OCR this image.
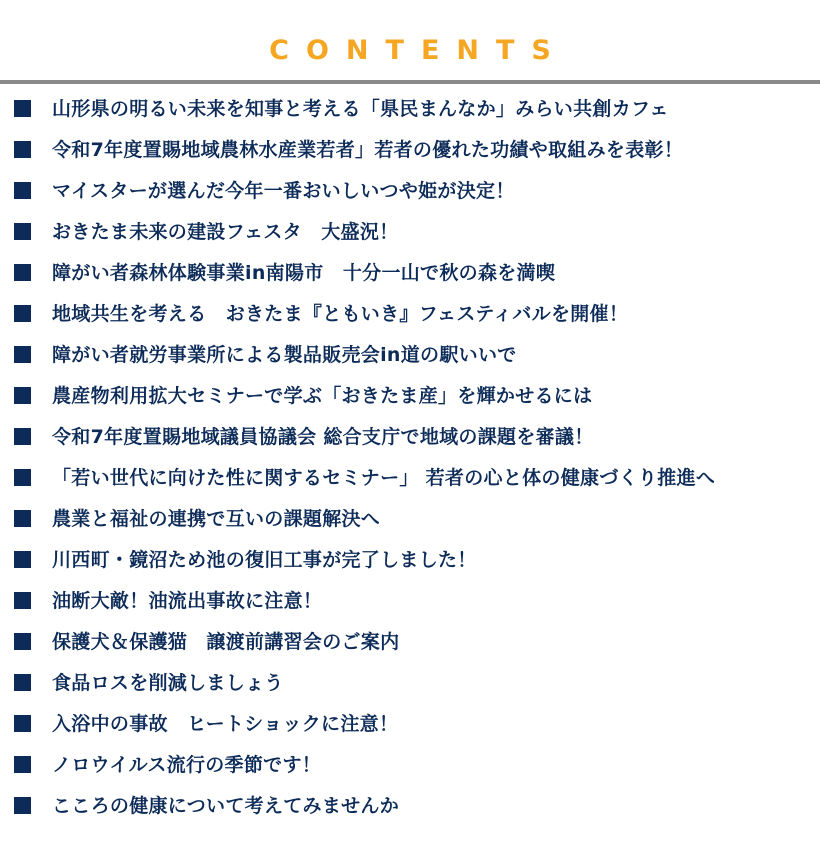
CONTENTS
山形県の明るい未来を知事と考える「県民まんなか」みらい共創カフェ
令和7年度置賜地域農林水産業若者」若者の優れた功績や取組みを表彰！
マイスターが選んだ今年一番おいしいつや姫が決定！
おきたま未来の建設フェスタ　大盛況！
障がい者森林体験事業in南陽市　十分一山で秋の森を満喫
地域共生を考える　おきたま『ともいき』フェスティバルを開催！
障がい者就労事業所による製品販売会in道の駅いいで
農産物利用拡大セミナーで学ぶ「おきたま産」を輝かせるには
令和7年度置賜地域議員協議会 総合支庁で地域の課題を審議！
「若い世代に向けた性に関するセミナー」 若者の心と体の健康づくり推進へ
農業と福祉の連携で互いの課題解決へ
川西町・鏡沼ため池の復旧工事が完了しました！
油断大敵！油流出事故に注意！
保護犬＆保護猫　譲渡前講習会のご案内
食品ロスを削減しましょう
入浴中の事故　ヒートショックに注意！
ノロウイルス流行の季節です！
こころの健康について考えてみませんか
